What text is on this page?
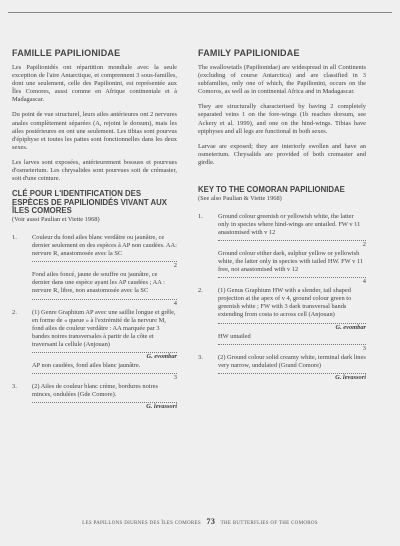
FAMILLE PAPILIONIDAE

Les Papilionidés ont répartition mondiale avec la seule exception de l'aire Antarctique, et comprennent 3 sous-familles, dont une seulement, celle des Papilionini, est représentée aux Îles Comores, aussi comme en Afrique continentale et à Madagascar.

Du point de vue structurel, leurs ailes antérieures ont 2 nervures anales complètement séparées (A, rejoint le dorsum), mais les ailes postérieures en ont une seulement. Les tibias sont pourvus d'épiphyse et toutes les pattes sont fonctionnelles dans les deux sexes.

Les larves sont exposées, antérieurement bossues et pourvues d'osmeterium. Les chrysalides sont pourvues soit de crémaster, soit d'une ceinture.

CLÉ POUR L'IDENTIFICATION DES ESPÈCES DE PAPILIONIDÉS VIVANT AUX ÎLES COMORES

(Voir aussi Paulian et Viette 1968)

1. Couleur du fond ailes blanc verdâtre ou jaunâtre, ce dernier seulement en des espèces à AP non caudées. AA: nervure R, anastomosée avec la SC
2
Fond ailes foncé, jaune de souffre ou jaunâtre, ce dernier dans une espèce ayant les AP caudées ; AA : nervure R, libre, non anastomosée avec la SC
4
2. (1) Genre Graphium AP avec une saillie longue et grêle, en forme de « queue » à l'extrémité de la nervure M, fond ailes de couleur verdâtre : AA marquée par 3 bandes noires transversales à partir de la côte et traversant la cellule (Anjouan)
G. evombar
AP non caudées, fond ailes blanc jaunâtre.
3
3. (2) Ailes de couleur blanc crème, bordures noires minces, ondulées (Gde Comore).
G. levassori
FAMILY PAPILIONIDAE

The swallowtails (Papilionidae) are widespread in all Continents (excluding of course Antarctica) and are classified in 3 subfamilies, only one of which, the Papilionini, occurs on the Comoros, as well as in continental Africa and in Madagascar.

They are structurally characterised by having 2 completely separated veins 1 on the fore-wings (1b reaches dorsum, see Ackery et al. 1999), and one on the hind-wings. Tibias have epiphyses and all legs are functional in both sexes.

Larvae are exposed; they are interiorly swollen and have an osmeterium. Chrysalids are provided of both cremaster and girdle.

KEY TO THE COMORAN PAPILIONIDAE

(See also Paulian & Viette 1968)

1. Ground colour greenish or yellowish white, the latter only in species where hind-wings are untailed. FW v 11 anastomised with v 12
2
Ground colour either dark, sulphur yellow or yellowish white, the latter only in species with tailed HW. FW v 11 free, not anastomised with v 12
4
2. (1) Genus Graphium HW with a slender, tail shaped projection at the apex of v 4, ground colour green to greenish white ; FW with 3 dark transversal bands extending from costa to across cell (Anjouan)
G. evombar
HW untailed
3
3. (2) Ground colour solid creamy white, terminal dark lines very narrow, undulated (Grand Comore)
G. levassori
LES PAPILLONS DIURNES DES ÎLES COMORES 73 THE BUTTERFLIES OF THE COMOROS
